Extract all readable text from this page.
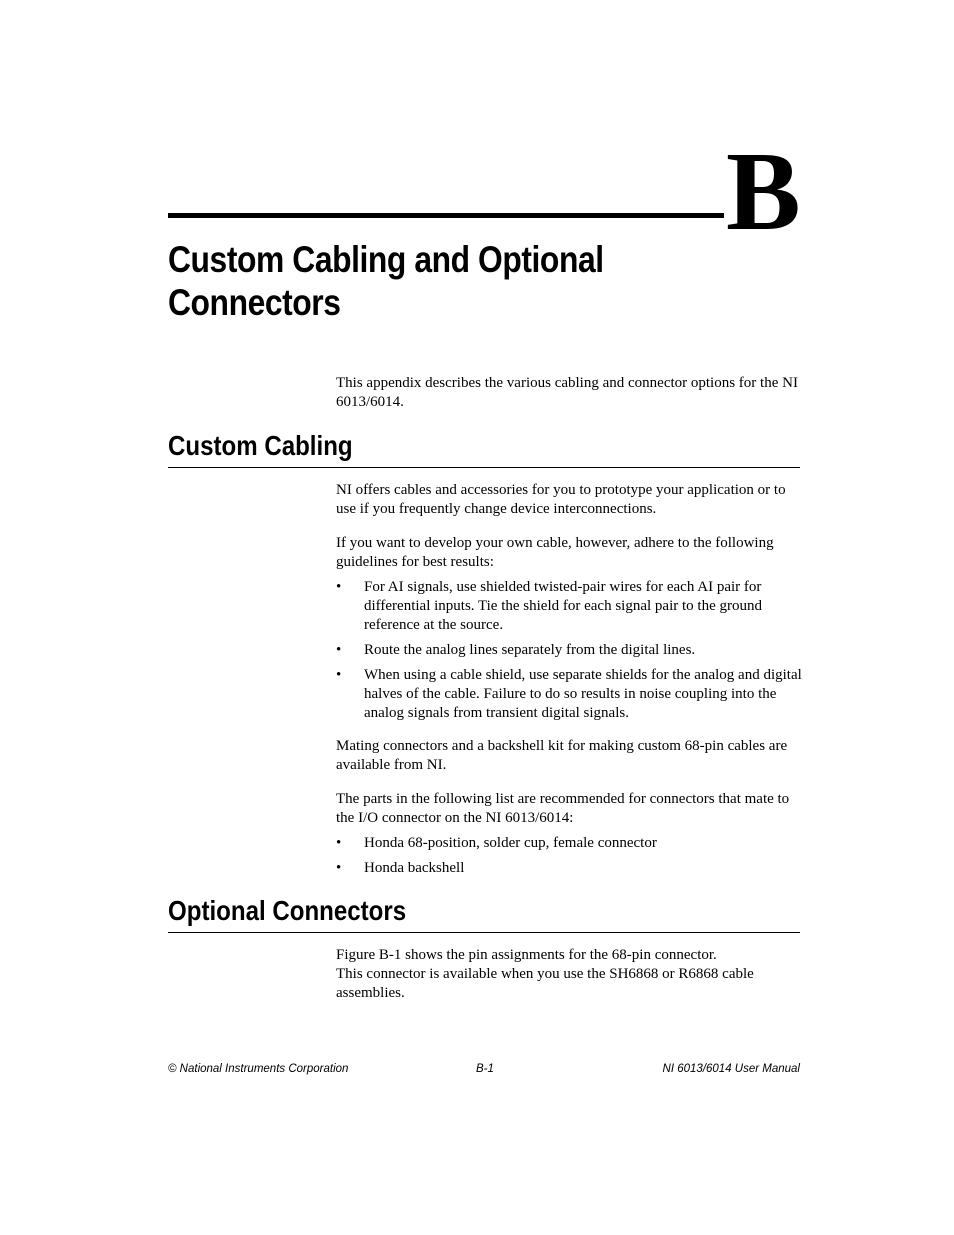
B
Custom Cabling and Optional Connectors

This appendix describes the various cabling and connector options for the NI 6013/6014.

Custom Cabling

NI offers cables and accessories for you to prototype your application or to use if you frequently change device interconnections.

If you want to develop your own cable, however, adhere to the following guidelines for best results:

• For AI signals, use shielded twisted-pair wires for each AI pair for differential inputs. Tie the shield for each signal pair to the ground reference at the source.
• Route the analog lines separately from the digital lines.
• When using a cable shield, use separate shields for the analog and digital halves of the cable. Failure to do so results in noise coupling into the analog signals from transient digital signals.

Mating connectors and a backshell kit for making custom 68-pin cables are available from NI.

The parts in the following list are recommended for connectors that mate to the I/O connector on the NI 6013/6014:

• Honda 68-position, solder cup, female connector
• Honda backshell
Optional Connectors

Figure B-1 shows the pin assignments for the 68-pin connector.

This connector is available when you use the SH6868 or R6868 cable assemblies.

© National Instruments Corporation	B-1	NI 6013/6014 User Manual
